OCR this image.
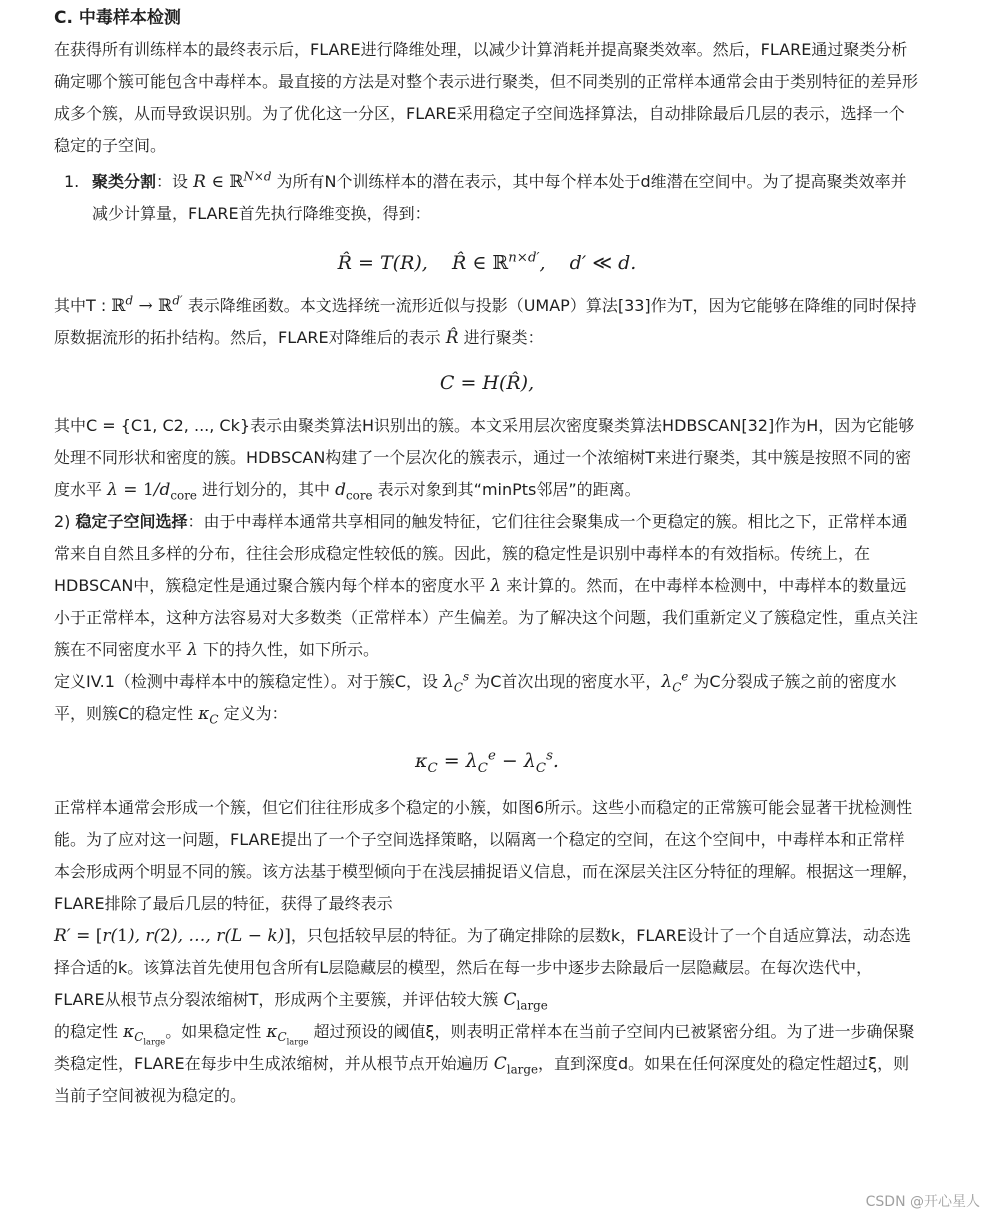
C. 中毒样本检测

在获得所有训练样本的最终表示后，FLARE进行降维处理，以减少计算消耗并提高聚类效率。然后，FLARE通过聚类分析确定哪个簇可能包含中毒样本。最直接的方法是对整个表示进行聚类，但不同类别的正常样本通常会由于类别特征的差异形成多个簇，从而导致误识别。为了优化这一分区，FLARE采用稳定子空间选择算法，自动排除最后几层的表示，选择一个稳定的子空间。

1. 聚类分割：设 R ∈ ℝ$^{N\times d}$ 为所有N个训练样本的潜在表示，其中每个样本处于d维潜在空间中。为了提高聚类效率并减少计算量，FLARE首先执行降维变换，得到：

R̂ = T(R),    R̂ ∈ ℝ$^{n\times d'}$,    d′ ≪ d.

其中T : ℝ$^d$ → ℝ$^{d'}$ 表示降维函数。本文选择统一流形近似与投影（UMAP）算法[33]作为T，因为它能够在降维的同时保持原数据流形的拓扑结构。然后，FLARE对降维后的表示 R̂ 进行聚类：

C = H(R̂),

其中C = {C1, C2, ..., Ck}表示由聚类算法H识别出的簇。本文采用层次密度聚类算法HDBSCAN[32]作为H，因为它能够处理不同形状和密度的簇。HDBSCAN构建了一个层次化的簇表示，通过一个浓缩树T来进行聚类，其中簇是按照不同的密度水平 $\lambda = 1/d_{core}$ 进行划分的，其中 $d_{core}$ 表示对象到其“minPts邻居”的距离。

2) 稳定子空间选择：由于中毒样本通常共享相同的触发特征，它们往往会聚集成一个更稳定的簇。相比之下，正常样本通常来自自然且多样的分布，往往会形成稳定性较低的簇。因此，簇的稳定性是识别中毒样本的有效指标。传统上，在HDBSCAN中，簇稳定性是通过聚合簇内每个样本的密度水平 λ 来计算的。然而，在中毒样本检测中，中毒样本的数量远小于正常样本，这种方法容易对大多数类（正常样本）产生偏差。为了解决这个问题，我们重新定义了簇稳定性，重点关注簇在不同密度水平 λ 下的持久性，如下所示。

定义IV.1（检测中毒样本中的簇稳定性）。对于簇C，设 $\lambda_C^s$ 为C首次出现的密度水平，$\lambda_C^e$ 为C分裂成子簇之前的密度水平，则簇C的稳定性 $\kappa_C$ 定义为：

$\kappa_C = \lambda_C^e - \lambda_C^s$.

正常样本通常会形成一个簇，但它们往往形成多个稳定的小簇，如图6所示。这些小而稳定的正常簇可能会显著干扰检测性能。为了应对这一问题，FLARE提出了一个子空间选择策略，以隔离一个稳定的空间，在这个空间中，中毒样本和正常样本会形成两个明显不同的簇。该方法基于模型倾向于在浅层捕捉语义信息，而在深层关注区分特征的理解。根据这一理解，FLARE排除了最后几层的特征，获得了最终表示
R′ = [r(1), r(2), …, r(L − k)]，只包括较早层的特征。为了确定排除的层数k，FLARE设计了一个自适应算法，动态选择合适的k。该算法首先使用包含所有L层隐藏层的模型，然后在每一步中逐步去除最后一层隐藏层。在每次迭代中，FLARE从根节点分裂浓缩树T，形成两个主要簇，并评估较大簇 $C_{large}$
的稳定性 $\kappa_{C_{large}}$。如果稳定性 $\kappa_{C_{large}}$ 超过预设的阈值ξ，则表明正常样本在当前子空间内已被紧密分组。为了进一步确保聚类稳定性，FLARE在每步中生成浓缩树，并从根节点开始遍历 $C_{large}$，直到深度d。如果在任何深度处的稳定性超过ξ，则当前子空间被视为稳定的。

CSDN @开心星人
